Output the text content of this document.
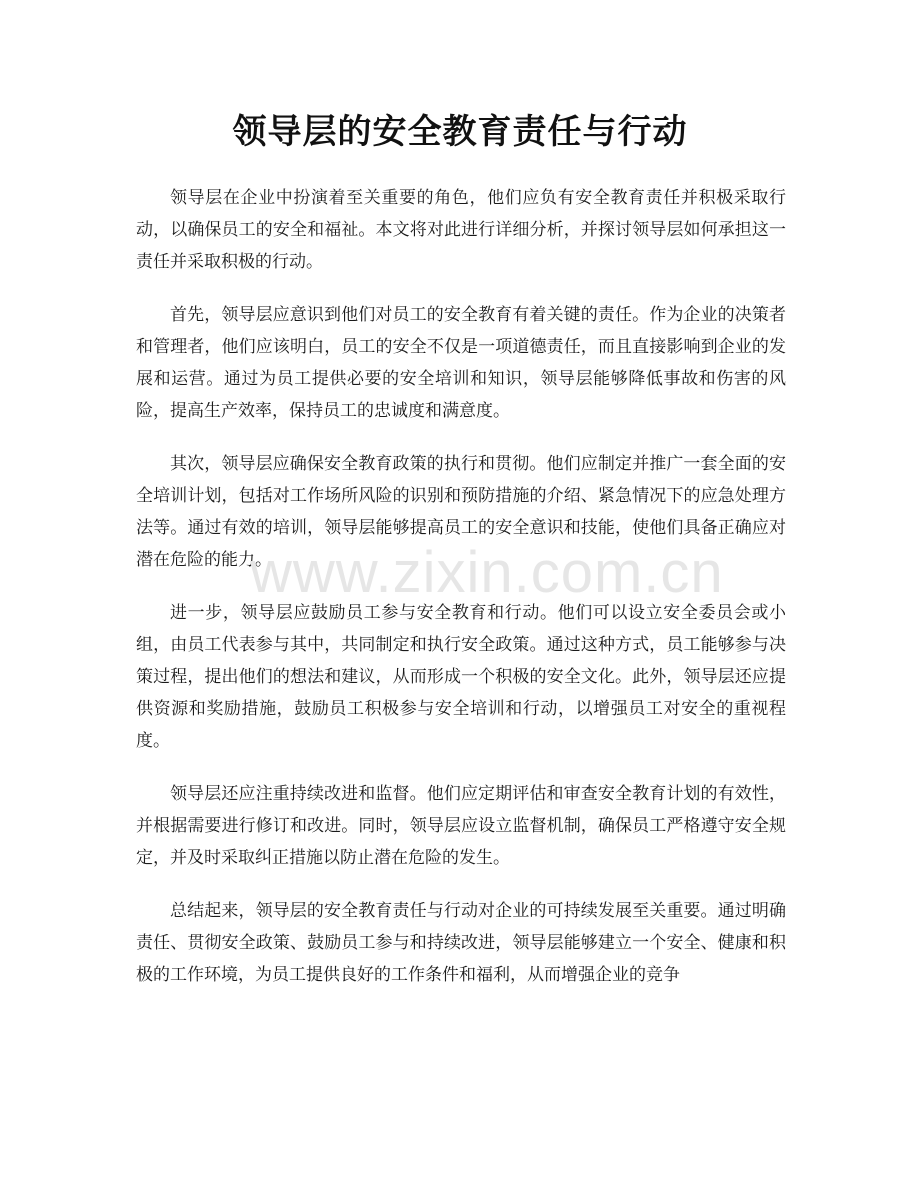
领导层的安全教育责任与行动

领导层在企业中扮演着至关重要的角色，他们应负有安全教育责任并积极采取行动，以确保员工的安全和福祉。本文将对此进行详细分析，并探讨领导层如何承担这一责任并采取积极的行动。

首先，领导层应意识到他们对员工的安全教育有着关键的责任。作为企业的决策者和管理者，他们应该明白，员工的安全不仅是一项道德责任，而且直接影响到企业的发展和运营。通过为员工提供必要的安全培训和知识，领导层能够降低事故和伤害的风险，提高生产效率，保持员工的忠诚度和满意度。

其次，领导层应确保安全教育政策的执行和贯彻。他们应制定并推广一套全面的安全培训计划，包括对工作场所风险的识别和预防措施的介绍、紧急情况下的应急处理方法等。通过有效的培训，领导层能够提高员工的安全意识和技能，使他们具备正确应对潜在危险的能力。

进一步，领导层应鼓励员工参与安全教育和行动。他们可以设立安全委员会或小组，由员工代表参与其中，共同制定和执行安全政策。通过这种方式，员工能够参与决策过程，提出他们的想法和建议，从而形成一个积极的安全文化。此外，领导层还应提供资源和奖励措施，鼓励员工积极参与安全培训和行动，以增强员工对安全的重视程度。

领导层还应注重持续改进和监督。他们应定期评估和审查安全教育计划的有效性，并根据需要进行修订和改进。同时，领导层应设立监督机制，确保员工严格遵守安全规定，并及时采取纠正措施以防止潜在危险的发生。

总结起来，领导层的安全教育责任与行动对企业的可持续发展至关重要。通过明确责任、贯彻安全政策、鼓励员工参与和持续改进，领导层能够建立一个安全、健康和积极的工作环境，为员工提供良好的工作条件和福利，从而增强企业的竞争

www.zixin.com.cn
